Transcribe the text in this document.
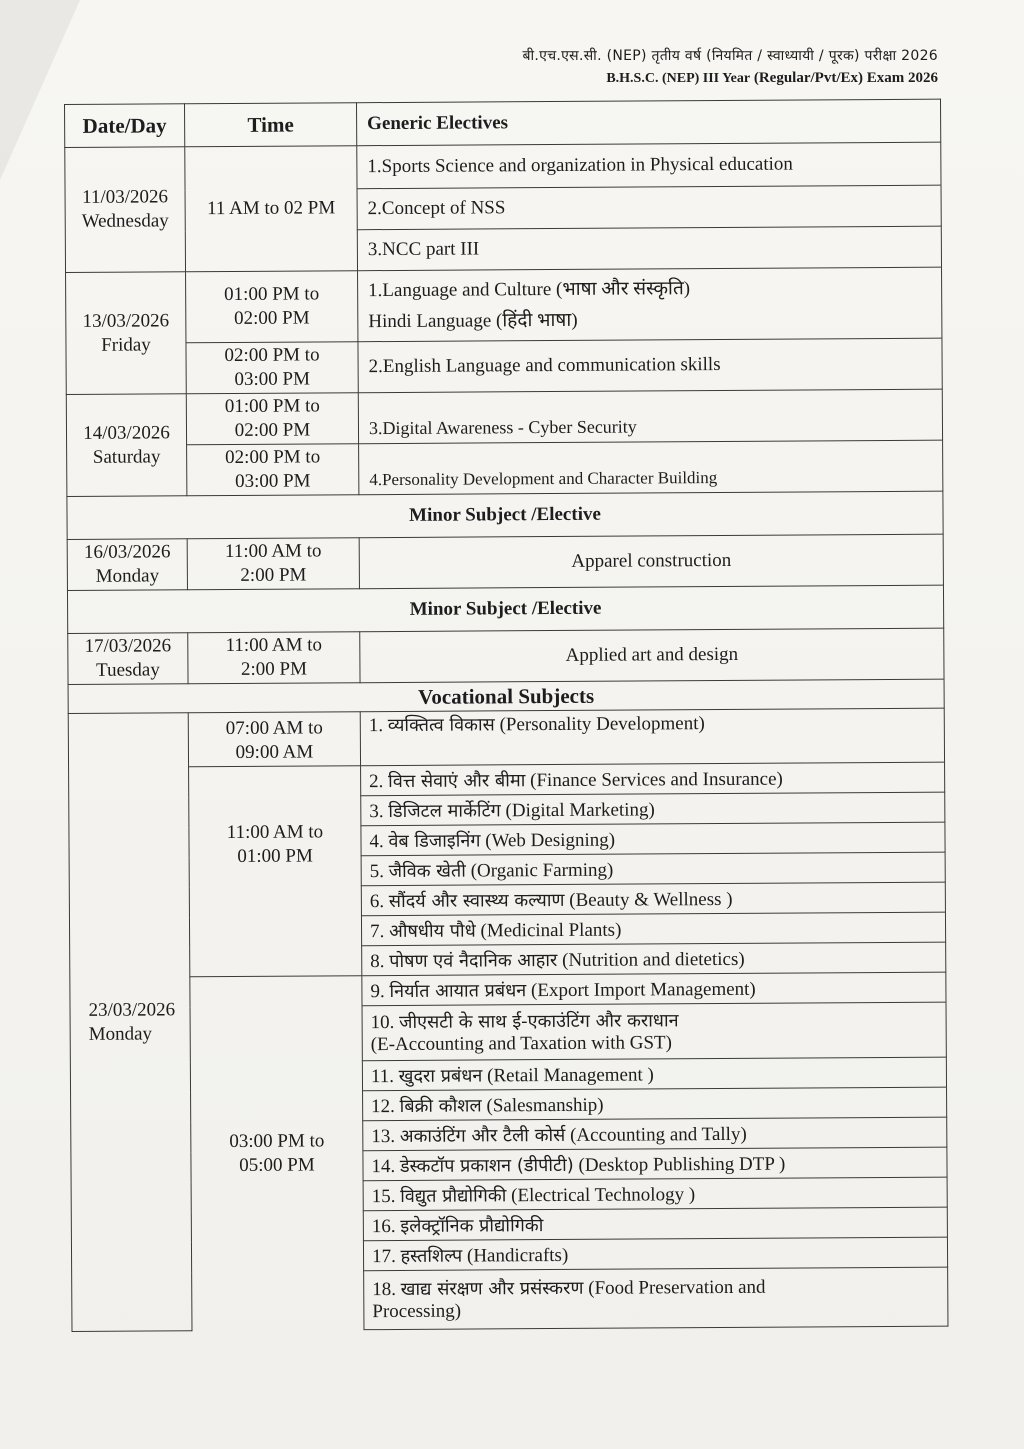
बी.एच.एस.सी. (NEP) तृतीय वर्ष (नियमित / स्वाध्यायी / पूरक) परीक्षा 2026
B.H.S.C. (NEP) III Year (Regular/Pvt/Ex) Exam 2026
Date/Day	Time	Generic Electives

11/03/2026
Wednesday	11 AM to 02 PM	1.Sports Science and organization in Physical education
		2.Concept of NSS
		3.NCC part III

13/03/2026
Friday	01:00 PM to
02:00 PM	1.Language and Culture (भाषा और संस्कृति)
Hindi Language (हिंदी भाषा)

	02:00 PM to
03:00 PM	2.English Language and communication skills

14/03/2026
Saturday	01:00 PM to
02:00 PM	3.Digital Awareness - Cyber Security

	02:00 PM to
03:00 PM	4.Personality Development and Character Building
Minor Subject /Elective		

16/03/2026
Monday	11:00 AM to
2:00 PM	Apparel construction
Minor Subject /Elective		

17/03/2026
Tuesday	11:00 AM to
2:00 PM	Applied art and design
Vocational Subjects		

23/03/2026
Monday	07:00 AM to
09:00 AM	1. व्यक्तित्व विकास (Personality Development)

	11:00 AM to
01:00 PM	2. वित्त सेवाएं और बीमा (Finance Services and Insurance)
		3. डिजिटल मार्केटिंग (Digital Marketing)
		4. वेब डिजाइनिंग (Web Designing)
		5. जैविक खेती (Organic Farming)
		6. सौंदर्य और स्वास्थ्य कल्याण (Beauty & Wellness )
		7. औषधीय पौधे (Medicinal Plants)
		8. पोषण एवं नैदानिक आहार (Nutrition and dietetics)

	03:00 PM to
05:00 PM	9. निर्यात आयात प्रबंधन (Export Import Management)

		10. जीएसटी के साथ ई-एकाउंटिंग और कराधान
(E-Accounting and Taxation with GST)

		11. खुदरा प्रबंधन (Retail Management )
		12. बिक्री कौशल (Salesmanship)
		13. अकाउंटिंग और टैली कोर्स (Accounting and Tally)
		14. डेस्कटॉप प्रकाशन (डीपीटी) (Desktop Publishing DTP )
		15. विद्युत प्रौद्योगिकी (Electrical Technology )
		16. इलेक्ट्रॉनिक प्रौद्योगिकी
		17. हस्तशिल्प (Handicrafts)

		18. खाद्य संरक्षण और प्रसंस्करण (Food Preservation and
Processing)
